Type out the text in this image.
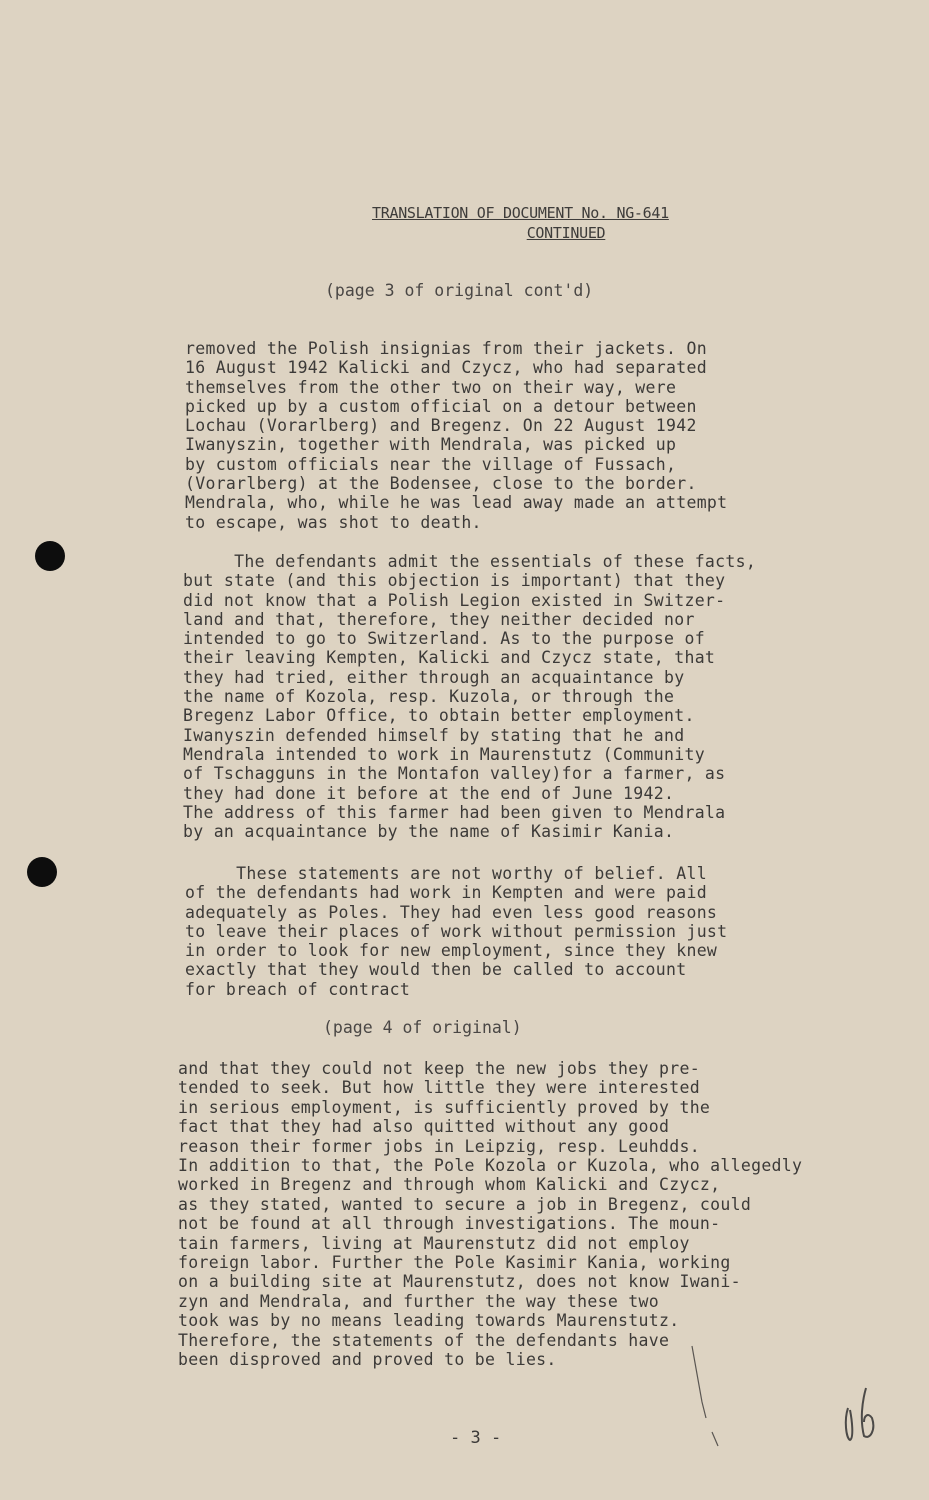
TRANSLATION OF DOCUMENT No. NG-641
CONTINUED
(page 3 of original cont'd)
removed the Polish insignias from their jackets. On
16 August 1942 Kalicki and Czycz, who had separated
themselves from the other two on their way, were
picked up by a custom official on a detour between
Lochau (Vorarlberg) and Bregenz. On 22 August 1942
Iwanyszin, together with Mendrala, was picked up
by custom officials near the village of Fussach,
(Vorarlberg) at the Bodensee, close to the border.
Mendrala, who, while he was lead away made an attempt
to escape, was shot to death.
The defendants admit the essentials of these facts,
but state (and this objection is important) that they
did not know that a Polish Legion existed in Switzer-
land and that, therefore, they neither decided nor
intended to go to Switzerland. As to the purpose of
their leaving Kempten, Kalicki and Czycz state, that
they had tried, either through an acquaintance by
the name of Kozola, resp. Kuzola, or through the
Bregenz Labor Office, to obtain better employment.
Iwanyszin defended himself by stating that he and
Mendrala intended to work in Maurenstutz (Community
of Tschagguns in the Montafon valley)for a farmer, as
they had done it before at the end of June 1942.
The address of this farmer had been given to Mendrala
by an acquaintance by the name of Kasimir Kania.
These statements are not worthy of belief. All
of the defendants had work in Kempten and were paid
adequately as Poles. They had even less good reasons
to leave their places of work without permission just
in order to look for new employment, since they knew
exactly that they would then be called to account
for breach of contract
(page 4 of original)
and that they could not keep the new jobs they pre-
tended to seek. But how little they were interested
in serious employment, is sufficiently proved by the
fact that they had also quitted without any good
reason their former jobs in Leipzig, resp. Leuhdds.
In addition to that, the Pole Kozola or Kuzola, who allegedly
worked in Bregenz and through whom Kalicki and Czycz,
as they stated, wanted to secure a job in Bregenz, could
not be found at all through investigations. The moun-
tain farmers, living at Maurenstutz did not employ
foreign labor. Further the Pole Kasimir Kania, working
on a building site at Maurenstutz, does not know Iwani-
zyn and Mendrala, and further the way these two
took was by no means leading towards Maurenstutz.
Therefore, the statements of the defendants have
been disproved and proved to be lies.
- 3 -
